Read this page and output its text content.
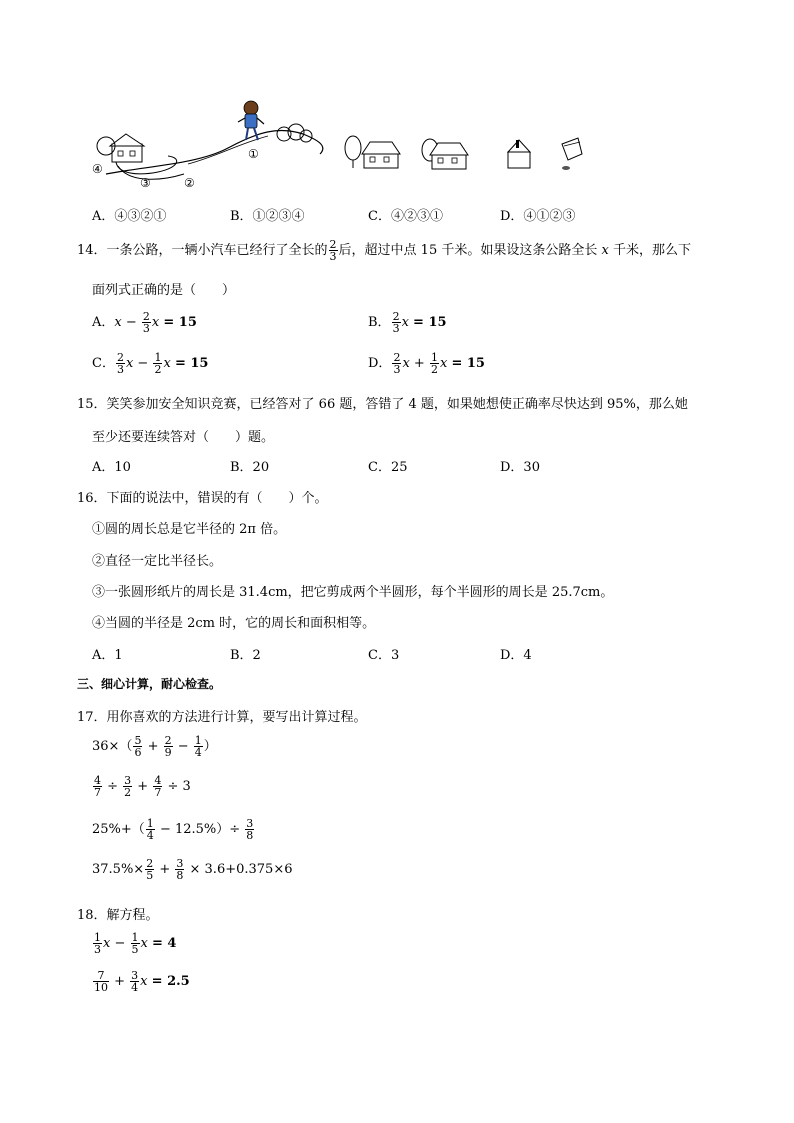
④
③	②
①
A．④③②①	B．①②③④	C．④②③①	D．④①②③
14．一条公路，一辆小汽车已经行了全长的 $\frac{2}{3}$ 后，超过中点 15 千米。如果设这条公路全长 x 千米，那么下
面列式正确的是（　　）
A．$x - \frac{2}{3}$ x = 15	B． $\frac{2}{3}$ x = 15
C． $\frac{2}{3}$ $x - \frac{1}{2}$ x = 15	D． $\frac{2}{3}$ $x + \frac{1}{2}$ x = 15
15．笑笑参加安全知识竞赛，已经答对了 66 题，答错了 4 题，如果她想使正确率尽快达到 95%，那么她
至少还要连续答对（　　）题。
A．10	B．20	C．25	D．30
16．下面的说法中，错误的有（　　）个。
①圆的周长总是它半径的 2π 倍。
②直径一定比半径长。
③一张圆形纸片的周长是 31.4cm，把它剪成两个半圆形，每个半圆形的周长是 25.7cm。
④当圆的半径是 2cm 时，它的周长和面积相等。
A．1	B．2	C．3	D．4
三、细心计算，耐心检查。
17．用你喜欢的方法进行计算，要写出计算过程。
$36\times( \frac{5}{6} + \frac{2}{9} - \frac{1}{4}$ ）
$\frac{4}{7} \div \frac{3}{2} + \frac{4}{7} \div 3$
$25\%+( \frac{1}{4} - 12.5\%)\div \frac{3}{8}$
$37.5\%\times \frac{2}{5} + \frac{3}{8} \times 3.6+0.375\times 6$
18．解方程。
$\frac{1}{3}$ $x - \frac{1}{5}$ x = 4
$\frac{7}{10} + \frac{3}{4}$ x = 2.5
